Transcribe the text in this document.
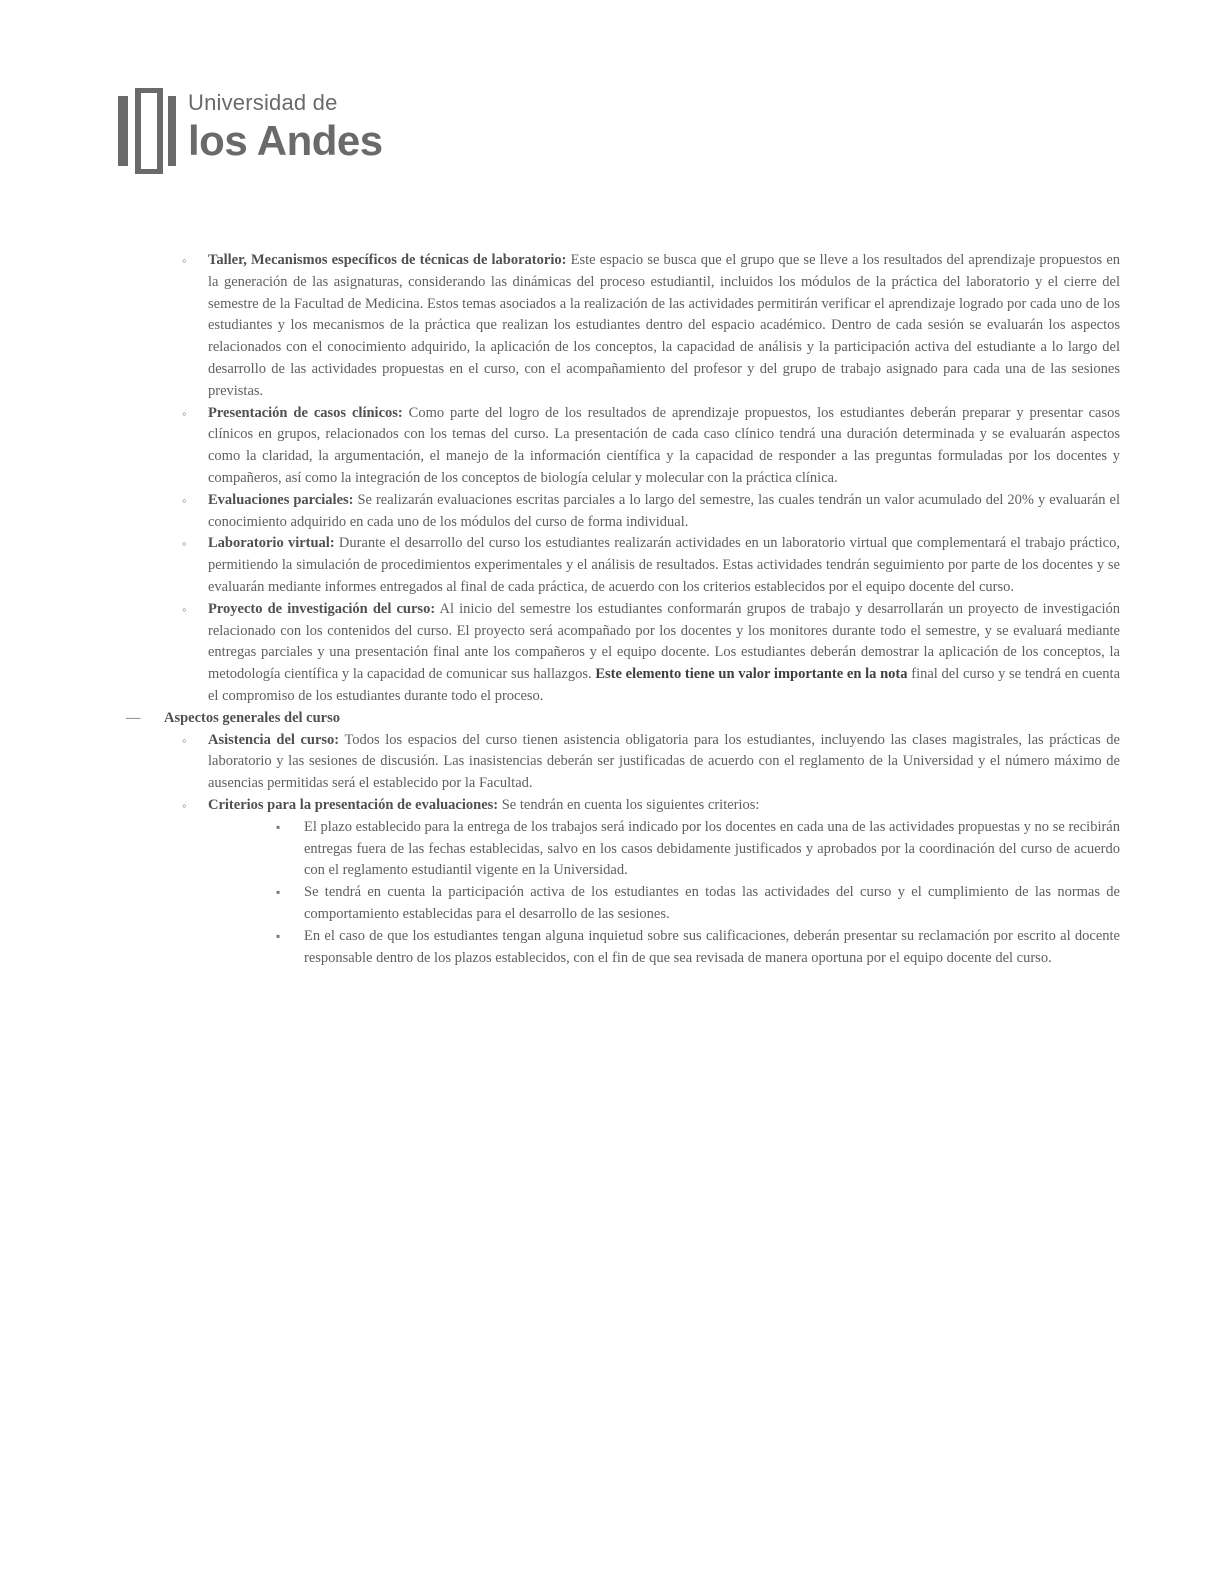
Universidad de
los Andes
◦ Taller, Mecanismos específicos de técnicas de laboratorio: Este espacio se busca que el grupo que se lleve a los resultados del aprendizaje propuestos en la generación de las asignaturas, considerando las dinámicas del proceso estudiantil, incluidos los módulos de la práctica del laboratorio y el cierre del semestre de la Facultad de Medicina. Estos temas asociados a la realización de las actividades permitirán verificar el aprendizaje logrado por cada uno de los estudiantes y los mecanismos de la práctica que realizan los estudiantes dentro del espacio académico. Dentro de cada sesión se evaluarán los aspectos relacionados con el conocimiento adquirido, la aplicación de los conceptos, la capacidad de análisis y la participación activa del estudiante a lo largo del desarrollo de las actividades propuestas en el curso, con el acompañamiento del profesor y del grupo de trabajo asignado para cada una de las sesiones previstas.
◦ Presentación de casos clínicos: Como parte del logro de los resultados de aprendizaje propuestos, los estudiantes deberán preparar y presentar casos clínicos en grupos, relacionados con los temas del curso. La presentación de cada caso clínico tendrá una duración determinada y se evaluarán aspectos como la claridad, la argumentación, el manejo de la información científica y la capacidad de responder a las preguntas formuladas por los docentes y compañeros, así como la integración de los conceptos de biología celular y molecular con la práctica clínica.
◦ Evaluaciones parciales: Se realizarán evaluaciones escritas parciales a lo largo del semestre, las cuales tendrán un valor acumulado del 20% y evaluarán el conocimiento adquirido en cada uno de los módulos del curso de forma individual.
◦ Laboratorio virtual: Durante el desarrollo del curso los estudiantes realizarán actividades en un laboratorio virtual que complementará el trabajo práctico, permitiendo la simulación de procedimientos experimentales y el análisis de resultados. Estas actividades tendrán seguimiento por parte de los docentes y se evaluarán mediante informes entregados al final de cada práctica, de acuerdo con los criterios establecidos por el equipo docente del curso.
◦ Proyecto de investigación del curso: Al inicio del semestre los estudiantes conformarán grupos de trabajo y desarrollarán un proyecto de investigación relacionado con los contenidos del curso. El proyecto será acompañado por los docentes y los monitores durante todo el semestre, y se evaluará mediante entregas parciales y una presentación final ante los compañeros y el equipo docente. Los estudiantes deberán demostrar la aplicación de los conceptos, la metodología científica y la capacidad de comunicar sus hallazgos. Este elemento tiene un valor importante en la nota final del curso y se tendrá en cuenta el compromiso de los estudiantes durante todo el proceso.
— Aspectos generales del curso
◦ Asistencia del curso: Todos los espacios del curso tienen asistencia obligatoria para los estudiantes, incluyendo las clases magistrales, las prácticas de laboratorio y las sesiones de discusión. Las inasistencias deberán ser justificadas de acuerdo con el reglamento de la Universidad y el número máximo de ausencias permitidas será el establecido por la Facultad.
◦ Criterios para la presentación de evaluaciones: Se tendrán en cuenta los siguientes criterios:
▪ El plazo establecido para la entrega de los trabajos será indicado por los docentes en cada una de las actividades propuestas y no se recibirán entregas fuera de las fechas establecidas, salvo en los casos debidamente justificados y aprobados por la coordinación del curso de acuerdo con el reglamento estudiantil vigente en la Universidad.
▪ Se tendrá en cuenta la participación activa de los estudiantes en todas las actividades del curso y el cumplimiento de las normas de comportamiento establecidas para el desarrollo de las sesiones.
▪ En el caso de que los estudiantes tengan alguna inquietud sobre sus calificaciones, deberán presentar su reclamación por escrito al docente responsable dentro de los plazos establecidos, con el fin de que sea revisada de manera oportuna por el equipo docente del curso.
